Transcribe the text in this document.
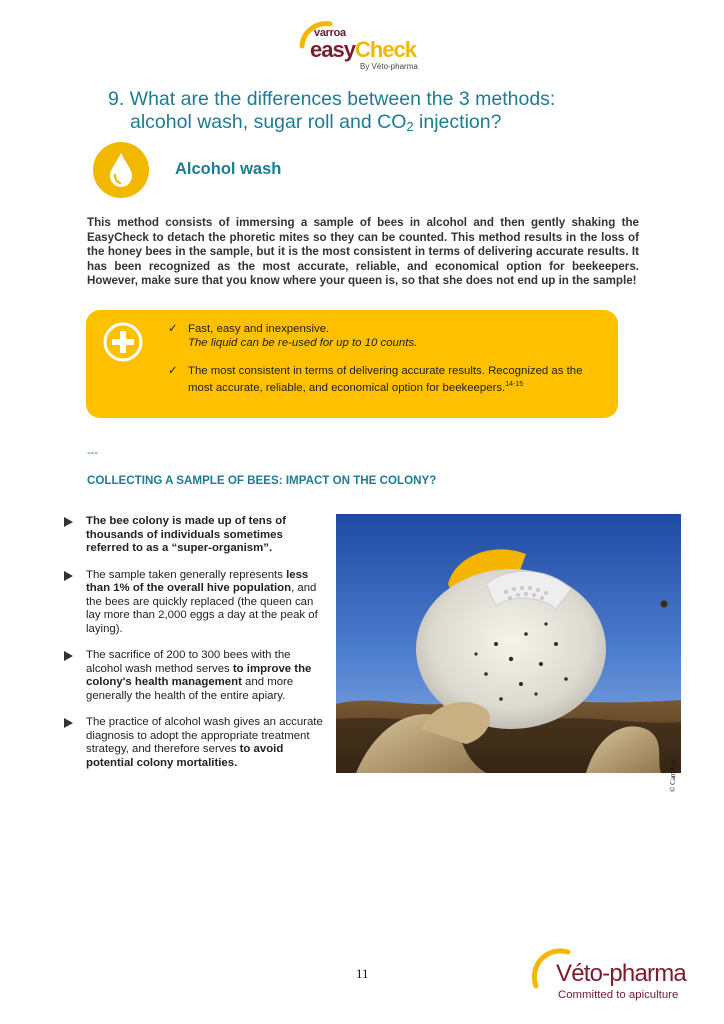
varroa
easyCheck
By Véto-pharma
9. What are the differences between the 3 methods:
alcohol wash, sugar roll and $CO_2$ injection?
Alcohol wash
This method consists of immersing a sample of bees in alcohol and then gently shaking the EasyCheck to detach the phoretic mites so they can be counted. This method results in the loss of the honey bees in the sample, but it is the most consistent in terms of delivering accurate results. It has been recognized as the most accurate, reliable, and economical option for beekeepers. However, make sure that you know where your queen is, so that she does not end up in the sample!
✓ Fast, easy and inexpensive.
The liquid can be re-used for up to 10 counts.
✓ The most consistent in terms of delivering accurate results. Recognized as the most accurate, reliable, and economical option for beekeepers.$^{14-15}$
---
COLLECTING A SAMPLE OF BEES: IMPACT ON THE COLONY?
The bee colony is made up of tens of thousands of individuals sometimes referred to as a “super-organism”.
The sample taken generally represents less than 1% of the overall hive population, and the bees are quickly replaced (the queen can lay more than 2,000 eggs a day at the peak of laying).
The sacrifice of 200 to 300 bees with the alcohol wash method serves to improve the colony's health management and more generally the health of the entire apiary.
The practice of alcohol wash gives an accurate diagnosis to adopt the appropriate treatment strategy, and therefore serves to avoid potential colony mortalities.	© Cam Lay
11	Véto-pharma
Committed to apiculture
